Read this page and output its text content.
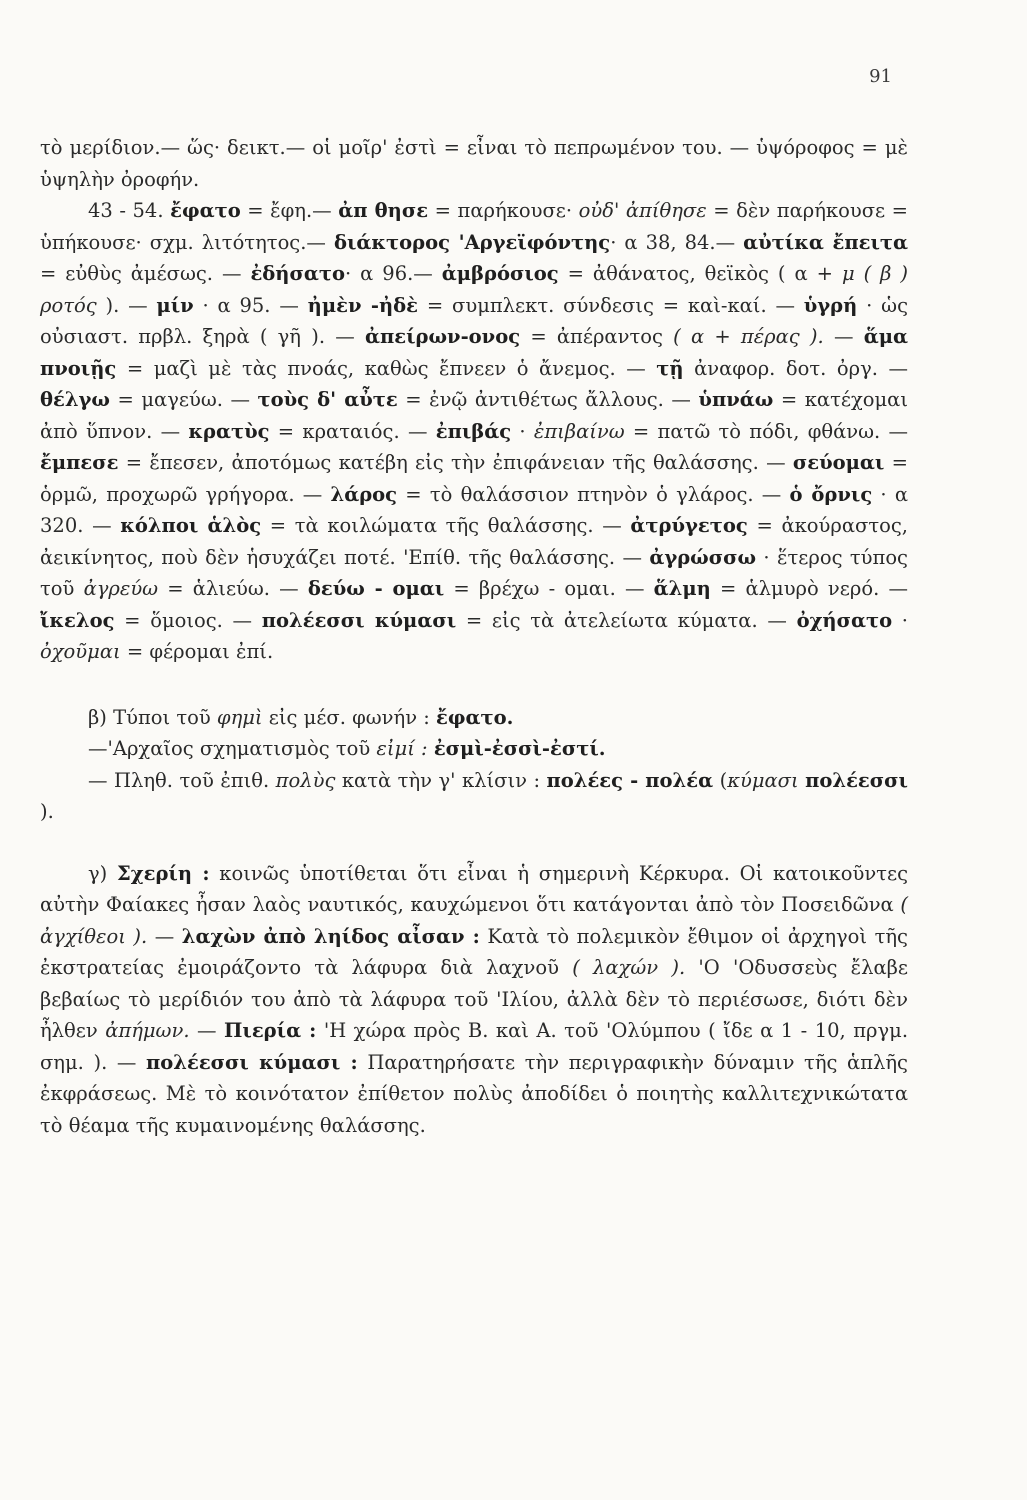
91

τὸ μερίδιον.— ὥς· δεικτ.— οἱ μοῖρ' ἐστὶ = εἶναι τὸ πεπρωμένον του. — ὑψόροφος = μὲ ὑψηλὴν ὀροφήν.

43 - 54. ἔφατο = ἔφη.— ἀπ θησε = παρήκουσε· οὐδ' ἀπίθησε = δὲν παρήκουσε = ὑπήκουσε· σχμ. λιτότητος.— διάκτορος 'Αργεϊφόντης· α 38, 84.— αὐτίκα ἔπειτα = εὐθὺς ἀμέσως. — ἐδήσατο· α 96.— ἀμβρόσιος = ἀθάνατος, θεϊκὸς ( α + μ ( β ) ροτός ). — μίν · α 95. — ἠμὲν -ἠδὲ = συμπλεκτ. σύνδεσις = καὶ-καί. — ὑγρή · ὡς οὐσιαστ. πρβλ. ξηρὰ ( γῆ ). — ἀπείρων-ονος = ἀπέραντος ( α + πέρας ). — ἅμα πνοιῇς = μαζὶ μὲ τὰς πνοάς, καθὼς ἔπνεεν ὁ ἄνεμος. — τῇ ἀναφορ. δοτ. ὀργ. — θέλγω = μαγεύω. — τοὺς δ' αὖτε = ἐνῷ ἀντιθέτως ἄλλους. — ὑπνάω = κατέχομαι ἀπὸ ὕπνον. — κρατὺς = κραταιός. — ἐπιβάς · ἐπιβαίνω = πατῶ τὸ πόδι, φθάνω. — ἔμπεσε = ἔπεσεν, ἀποτόμως κατέβη εἰς τὴν ἐπιφάνειαν τῆς θαλάσσης. — σεύομαι = ὁρμῶ, προχωρῶ γρήγορα. — λάρος = τὸ θαλάσσιον πτηνὸν ὁ γλάρος. — ὁ ὄρνις · α 320. — κόλποι ἁλὸς = τὰ κοιλώματα τῆς θαλάσσης. — ἀτρύγετος = ἀκούραστος, ἀεικίνητος, ποὺ δὲν ἡσυχάζει ποτέ. 'Επίθ. τῆς θαλάσσης. — ἀγρώσσω · ἕτερος τύπος τοῦ ἀγρεύω = ἁλιεύω. — δεύω - ομαι = βρέχω - ομαι. — ἅλμη = ἁλμυρὸ νερό. — ἴκελος = ὅμοιος. — πολέεσσι κύμασι = εἰς τὰ ἀτελείωτα κύματα. — ὀχήσατο · ὀχοῦμαι = φέρομαι ἐπί.

β) Τύποι τοῦ φημὶ εἰς μέσ. φωνήν : ἔφατο.

—'Αρχαῖος σχηματισμὸς τοῦ εἰμί : ἐσμὶ-ἐσσὶ-ἐστί.

— Πληθ. τοῦ ἐπιθ. πολὺς κατὰ τὴν γ' κλίσιν : πολέες - πολέα (κύμασι πολέεσσι ).

γ) Σχερίη : κοινῶς ὑποτίθεται ὅτι εἶναι ἡ σημερινὴ Κέρκυρα. Οἱ κατοικοῦντες αὐτὴν Φαίακες ἦσαν λαὸς ναυτικός, καυχώμενοι ὅτι κατάγονται ἀπὸ τὸν Ποσειδῶνα ( ἀγχίθεοι ). — λαχὼν ἀπὸ ληίδος αἶσαν : Κατὰ τὸ πολεμικὸν ἔθιμον οἱ ἀρχηγοὶ τῆς ἐκστρατείας ἐμοιράζοντο τὰ λάφυρα διὰ λαχνοῦ ( λαχών ). 'Ο 'Οδυσσεὺς ἔλαβε βεβαίως τὸ μερίδιόν του ἀπὸ τὰ λάφυρα τοῦ 'Ιλίου, ἀλλὰ δὲν τὸ περιέσωσε, διότι δὲν ἦλθεν ἀπήμων. — Πιερία : 'Η χώρα πρὸς Β. καὶ Α. τοῦ 'Ολύμπου ( ἴδε α 1 - 10, πργμ. σημ. ). — πολέεσσι κύμασι : Παρατηρήσατε τὴν περιγραφικὴν δύναμιν τῆς ἁπλῆς ἐκφράσεως. Μὲ τὸ κοινότατον ἐπίθετον πολὺς ἀποδίδει ὁ ποιητὴς καλλιτεχνικώτατα τὸ θέαμα τῆς κυμαινομένης θαλάσσης.
